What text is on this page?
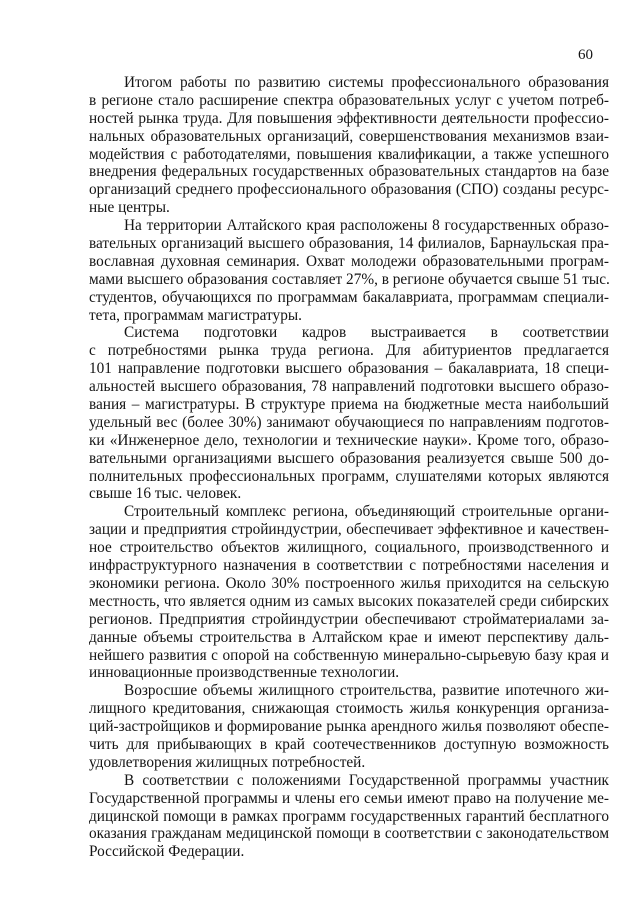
60
Итогом работы по развитию системы профессионального образования
в регионе стало расширение спектра образовательных услуг с учетом потреб-
ностей рынка труда. Для повышения эффективности деятельности профессио-
нальных образовательных организаций, совершенствования механизмов взаи-
модействия с работодателями, повышения квалификации, а также успешного
внедрения федеральных государственных образовательных стандартов на базе
организаций среднего профессионального образования (СПО) созданы ресурс-
ные центры.
На территории Алтайского края расположены 8 государственных образо-
вательных организаций высшего образования, 14 филиалов, Барнаульская пра-
вославная духовная семинария. Охват молодежи образовательными програм-
мами высшего образования составляет 27%, в регионе обучается свыше 51 тыс.
студентов, обучающихся по программам бакалавриата, программам специали-
тета, программам магистратуры.
Система подготовки кадров выстраивается в соответствии
с потребностями рынка труда региона. Для абитуриентов предлагается
101 направление подготовки высшего образования – бакалавриата, 18 специ-
альностей высшего образования, 78 направлений подготовки высшего образо-
вания – магистратуры. В структуре приема на бюджетные места наибольший
удельный вес (более 30%) занимают обучающиеся по направлениям подготов-
ки «Инженерное дело, технологии и технические науки». Кроме того, образо-
вательными организациями высшего образования реализуется свыше 500 до-
полнительных профессиональных программ, слушателями которых являются
свыше 16 тыс. человек.
Строительный комплекс региона, объединяющий строительные органи-
зации и предприятия стройиндустрии, обеспечивает эффективное и качествен-
ное строительство объектов жилищного, социального, производственного и
инфраструктурного назначения в соответствии с потребностями населения и
экономики региона. Около 30% построенного жилья приходится на сельскую
местность, что является одним из самых высоких показателей среди сибирских
регионов. Предприятия стройиндустрии обеспечивают стройматериалами за-
данные объемы строительства в Алтайском крае и имеют перспективу даль-
нейшего развития с опорой на собственную минерально-сырьевую базу края и
инновационные производственные технологии.
Возросшие объемы жилищного строительства, развитие ипотечного жи-
лищного кредитования, снижающая стоимость жилья конкуренция организа-
ций-застройщиков и формирование рынка арендного жилья позволяют обеспе-
чить для прибывающих в край соотечественников доступную возможность
удовлетворения жилищных потребностей.
В соответствии с положениями Государственной программы участник
Государственной программы и члены его семьи имеют право на получение ме-
дицинской помощи в рамках программ государственных гарантий бесплатного
оказания гражданам медицинской помощи в соответствии с законодательством
Российской Федерации.
